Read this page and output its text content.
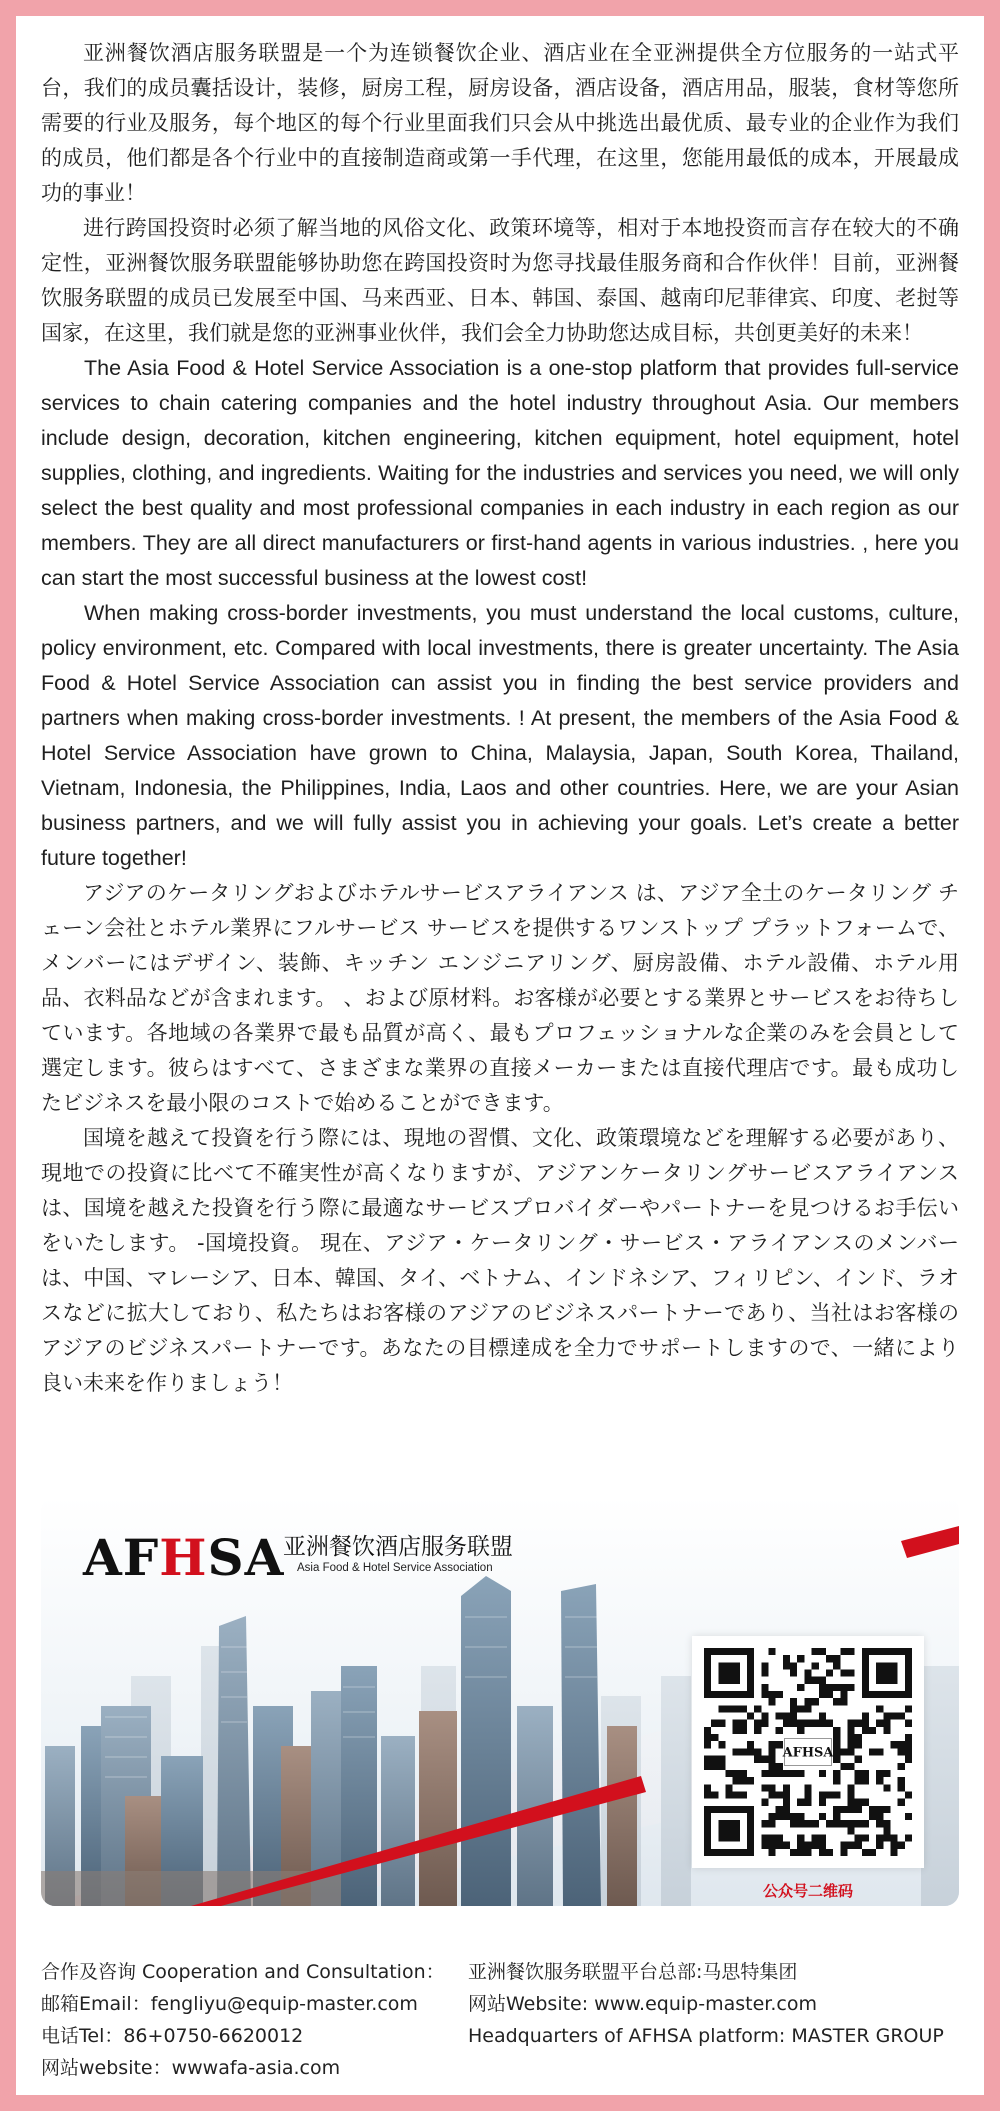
亚洲餐饮酒店服务联盟是一个为连锁餐饮企业、酒店业在全亚洲提供全方位服务的一站式平台，我们的成员囊括设计，装修，厨房工程，厨房设备，酒店设备，酒店用品，服装，食材等您所需要的行业及服务，每个地区的每个行业里面我们只会从中挑选出最优质、最专业的企业作为我们的成员，他们都是各个行业中的直接制造商或第一手代理，在这里，您能用最低的成本，开展最成功的事业！

进行跨国投资时必须了解当地的风俗文化、政策环境等，相对于本地投资而言存在较大的不确定性，亚洲餐饮服务联盟能够协助您在跨国投资时为您寻找最佳服务商和合作伙伴！目前，亚洲餐饮服务联盟的成员已发展至中国、马来西亚、日本、韩国、泰国、越南印尼菲律宾、印度、老挝等国家，在这里，我们就是您的亚洲事业伙伴，我们会全力协助您达成目标，共创更美好的未来！

The Asia Food & Hotel Service Association is a one-stop platform that provides full-service services to chain catering companies and the hotel industry throughout Asia. Our members include design, decoration, kitchen engineering, kitchen equipment, hotel equipment, hotel supplies, clothing, and ingredients. Waiting for the industries and services you need, we will only select the best quality and most professional companies in each industry in each region as our members. They are all direct manufacturers or first-hand agents in various industries. , here you can start the most successful business at the lowest cost!

When making cross-border investments, you must understand the local customs, culture, policy environment, etc. Compared with local investments, there is greater uncertainty. The Asia Food & Hotel Service Association can assist you in finding the best service providers and partners when making cross-border investments. ! At present, the members of the Asia Food & Hotel Service Association have grown to China, Malaysia, Japan, South Korea, Thailand, Vietnam, Indonesia, the Philippines, India, Laos and other countries. Here, we are your Asian business partners, and we will fully assist you in achieving your goals. Let’s create a better future together!

アジアのケータリングおよびホテルサービスアライアンス は、アジア全土のケータリング チェーン会社とホテル業界にフルサービス サービスを提供するワンストップ プラットフォームで、メンバーにはデザイン、装飾、キッチン エンジニアリング、厨房設備、ホテル設備、ホテル用品、衣料品などが含まれます。 、および原材料。お客様が必要とする業界とサービスをお待ちしています。各地域の各業界で最も品質が高く、最もプロフェッショナルな企業のみを会員として選定します。彼らはすべて、さまざまな業界の直接メーカーまたは直接代理店です。最も成功したビジネスを最小限のコストで始めることができます。

国境を越えて投資を行う際には、現地の習慣、文化、政策環境などを理解する必要があり、現地での投資に比べて不確実性が高くなりますが、アジアンケータリングサービスアライアンスは、国境を越えた投資を行う際に最適なサービスプロバイダーやパートナーを見つけるお手伝いをいたします。 -国境投資。 現在、アジア・ケータリング・サービス・アライアンスのメンバーは、中国、マレーシア、日本、韓国、タイ、ベトナム、インドネシア、フィリピン、インド、ラオスなどに拡大しており、私たちはお客様のアジアのビジネスパートナーであり、当社はお客様のアジアのビジネスパートナーです。あなたの目標達成を全力でサポートしますので、一緒により良い未来を作りましょう！

AFHSA
亚洲餐饮酒店服务联盟
Asia Food & Hotel Service Association
AFHSA
公众号二维码
合作及咨询 Cooperation and Consultation：
邮箱Email：fengliyu@equip-master.com
电话Tel：86+0750-6620012
网站website：wwwafa-asia.com
亚洲餐饮服务联盟平台总部:马思特集团
网站Website: www.equip-master.com
Headquarters of AFHSA platform: MASTER GROUP
